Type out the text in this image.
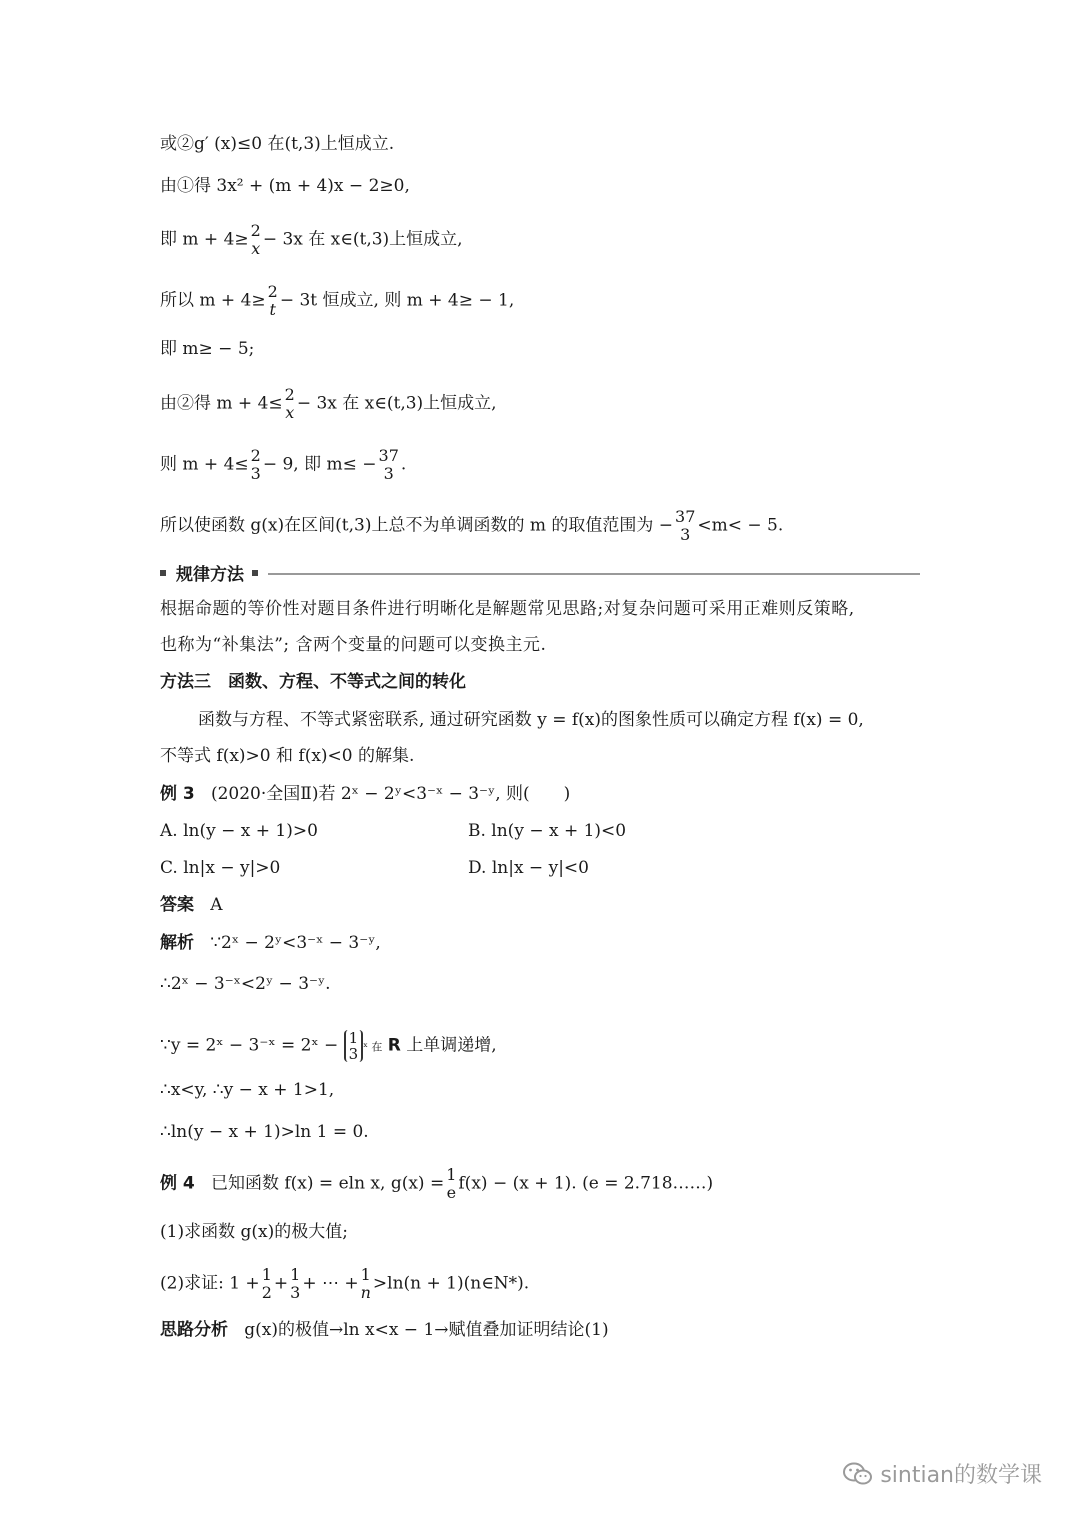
或②g′ (x)≤0 在(t,3)上恒成立.
由①得 3x² + (m + 4)x − 2≥0,
即 m + 4≥ 2
x − 3x 在 x∈(t,3)上恒成立,
所以 m + 4≥ 2
t − 3t 恒成立, 则 m + 4≥ − 1,
即 m≥ − 5;
由②得 m + 4≤ 2
x − 3x 在 x∈(t,3)上恒成立,
则 m + 4≤ 2
3 − 9, 即 m≤ − 37
3 .
所以使函数 g(x)在区间(t,3)上总不为单调函数的 m 的取值范围为 − 37
3 <m< − 5.
规律方法
根据命题的等价性对题目条件进行明晰化是解题常见思路;对复杂问题可采用正难则反策略,
也称为“补集法”; 含两个变量的问题可以变换主元.
方法三　函数、方程、不等式之间的转化
函数与方程、不等式紧密联系, 通过研究函数 y = f(x)的图象性质可以确定方程 f(x) = 0,
不等式 f(x)>0 和 f(x)<0 的解集.
例 3 (2020·全国Ⅱ)若 2ˣ − 2ʸ<3⁻ˣ − 3⁻ʸ, 则(　　)
A. ln(y − x + 1)>0	B. ln(y − x + 1)<0
C. ln|x − y|>0	D. ln|x − y|<0
答案 A
解析 ∵2ˣ − 2ʸ<3⁻ˣ − 3⁻ʸ,
∴2ˣ − 3⁻ˣ<2ʸ − 3⁻ʸ.
∵y = 2ˣ − 3⁻ˣ = 2ˣ − 1
3 ˣ 在 R 上单调递增,
∴x<y, ∴y − x + 1>1,
∴ln(y − x + 1)>ln 1 = 0.
例 4 已知函数 f(x) = eln x, g(x) = 1
e f(x) − (x + 1). (e = 2.718……)
(1)求函数 g(x)的极大值;
(2)求证: 1 + 1
2 + 1
3 + ⋯ + 1
n >ln(n + 1)(n∈N*).
思路分析 g(x)的极值→ln x<x − 1→赋值叠加证明结论(1)
sintian的数学课
